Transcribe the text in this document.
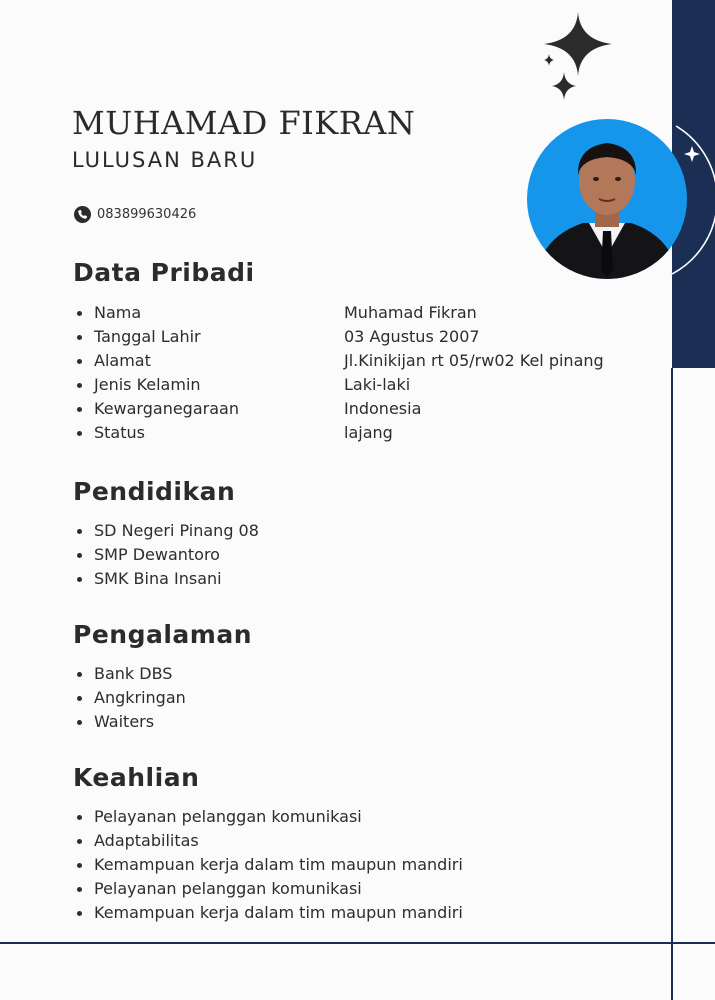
MUHAMAD FIKRAN
LULUSAN BARU
083899630426
Data Pribadi
Nama	Muhamad Fikran
Tanggal Lahir	03 Agustus 2007
Alamat	Jl.Kinikijan rt 05/rw02 Kel pinang
Jenis Kelamin	Laki-laki
Kewarganegaraan	Indonesia
Status	lajang
Pendidikan
SD Negeri Pinang 08
SMP Dewantoro
SMK Bina Insani
Pengalaman
Bank DBS
Angkringan
Waiters
Keahlian
Pelayanan pelanggan komunikasi
Adaptabilitas
Kemampuan kerja dalam tim maupun mandiri
Pelayanan pelanggan komunikasi
Kemampuan kerja dalam tim maupun mandiri
